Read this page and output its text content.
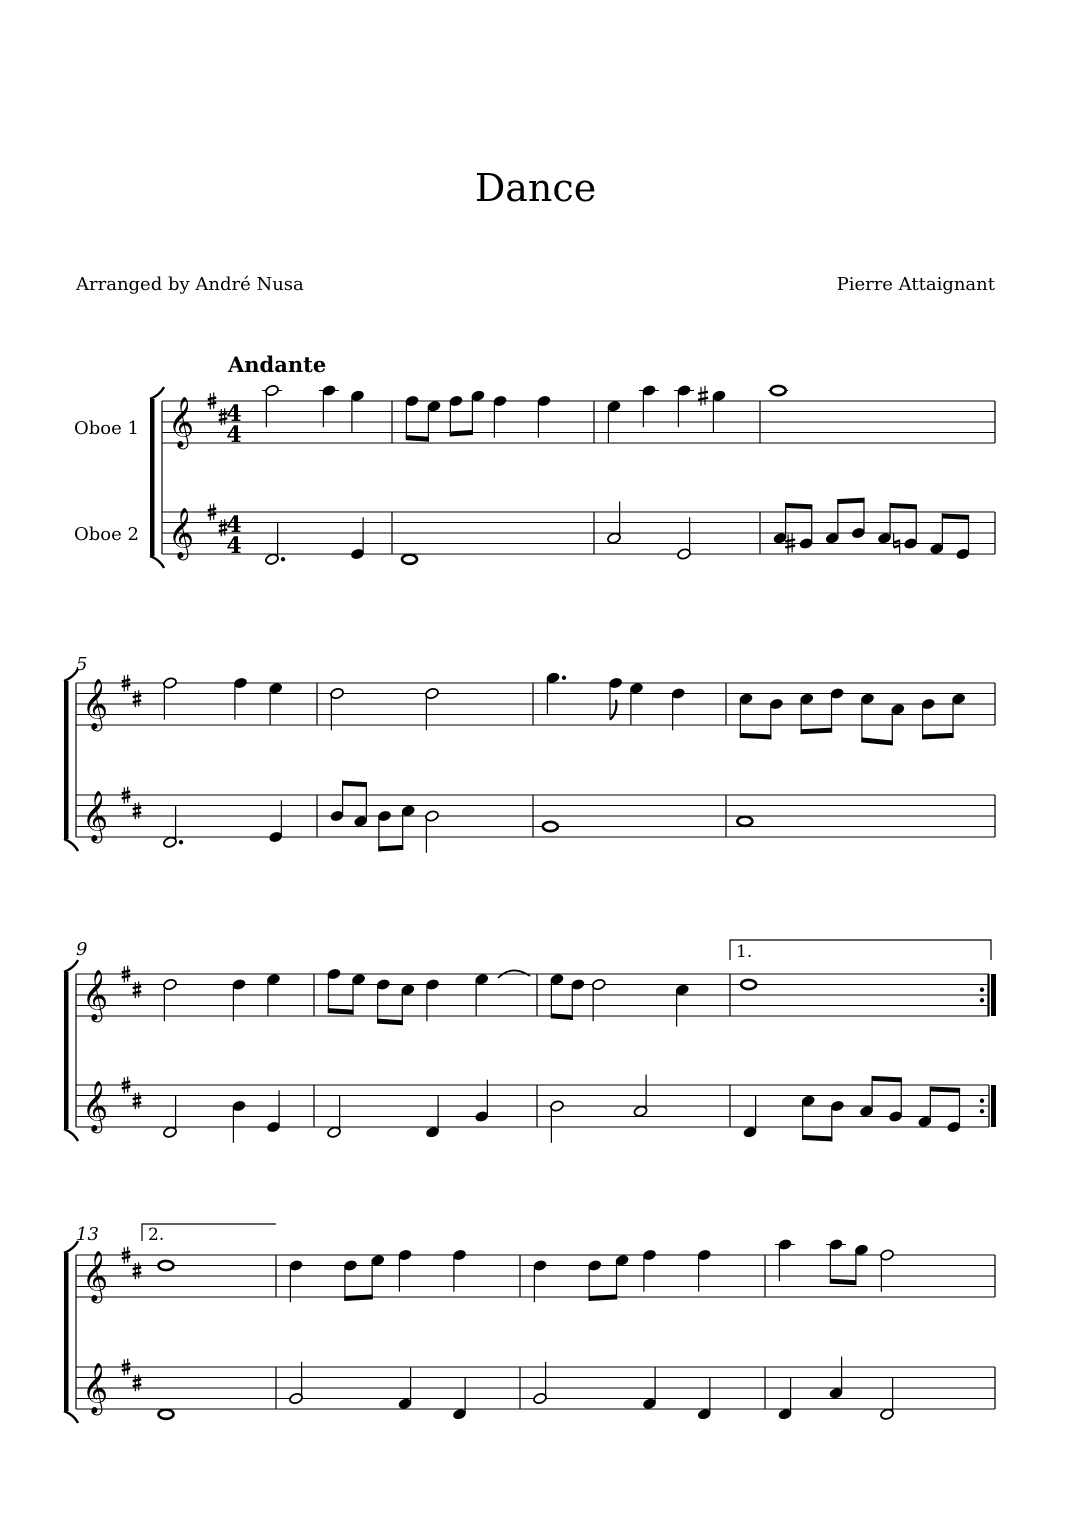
Dance
Arranged by André Nusa	Pierre Attaignant
Andante
Oboe 1
Oboe 2
𝄞 4
4
𝄞 4
4
𝄞
𝄞
5
𝄞
𝄞
9	1.
𝄞
𝄞
13	2.
